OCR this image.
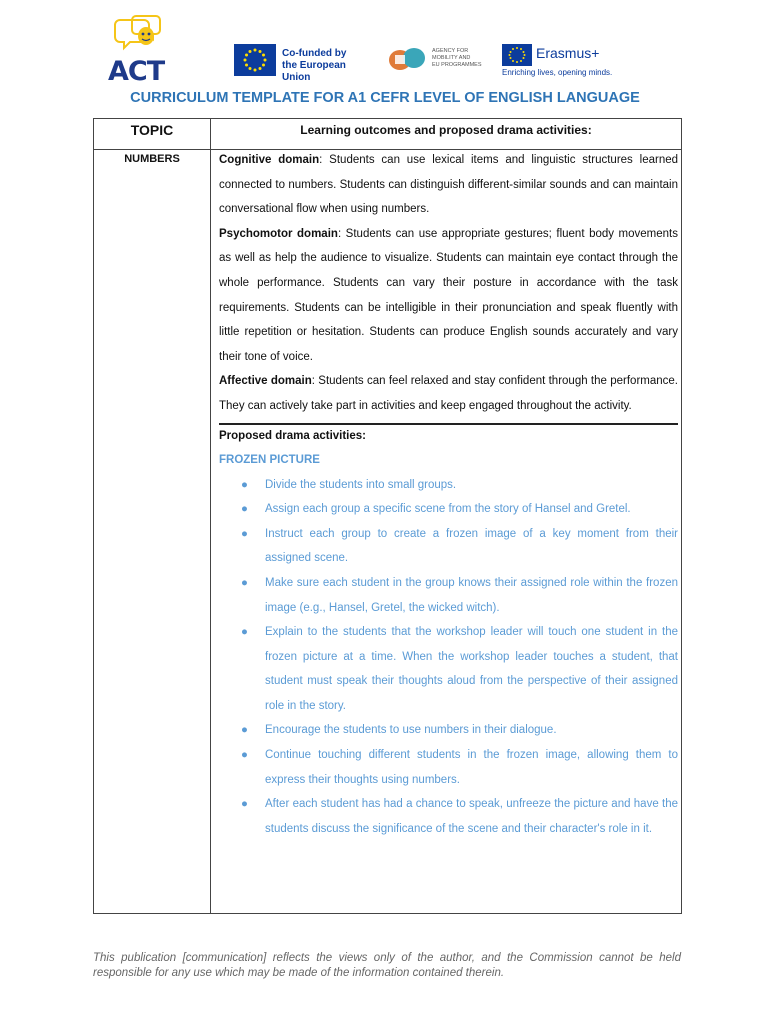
ACT
Co-funded by
the European Union
AGENCY FOR
MOBILITY AND
EU PROGRAMMES
Erasmus+
Enriching lives, opening minds.
CURRICULUM TEMPLATE FOR A1 CEFR LEVEL OF ENGLISH LANGUAGE
TOPIC	Learning outcomes and proposed drama activities:
NUMBERS	Cognitive domain: Students can use lexical items and linguistic structures learned connected to numbers. Students can distinguish different-similar sounds and can maintain conversational flow when using numbers.

Psychomotor domain: Students can use appropriate gestures; fluent body movements as well as help the audience to visualize. Students can maintain eye contact through the whole performance. Students can vary their posture in accordance with the task requirements. Students can be intelligible in their pronunciation and speak fluently with little repetition or hesitation. Students can produce English sounds accurately and vary their tone of voice.

Affective domain: Students can feel relaxed and stay confident through the performance. They can actively take part in activities and keep engaged throughout the activity.

Proposed drama activities:

FROZEN PICTURE

● Divide the students into small groups.
● Assign each group a specific scene from the story of Hansel and Gretel.
● Instruct each group to create a frozen image of a key moment from their assigned scene.
● Make sure each student in the group knows their assigned role within the frozen image (e.g., Hansel, Gretel, the wicked witch).
● Explain to the students that the workshop leader will touch one student in the frozen picture at a time. When the workshop leader touches a student, that student must speak their thoughts aloud from the perspective of their assigned role in the story.
● Encourage the students to use numbers in their dialogue.
● Continue touching different students in the frozen image, allowing them to express their thoughts using numbers.
● After each student has had a chance to speak, unfreeze the picture and have the students discuss the significance of the scene and their character's role in it.
This publication [communication] reflects the views only of the author, and the Commission cannot be held responsible for any use which may be made of the information contained therein.
